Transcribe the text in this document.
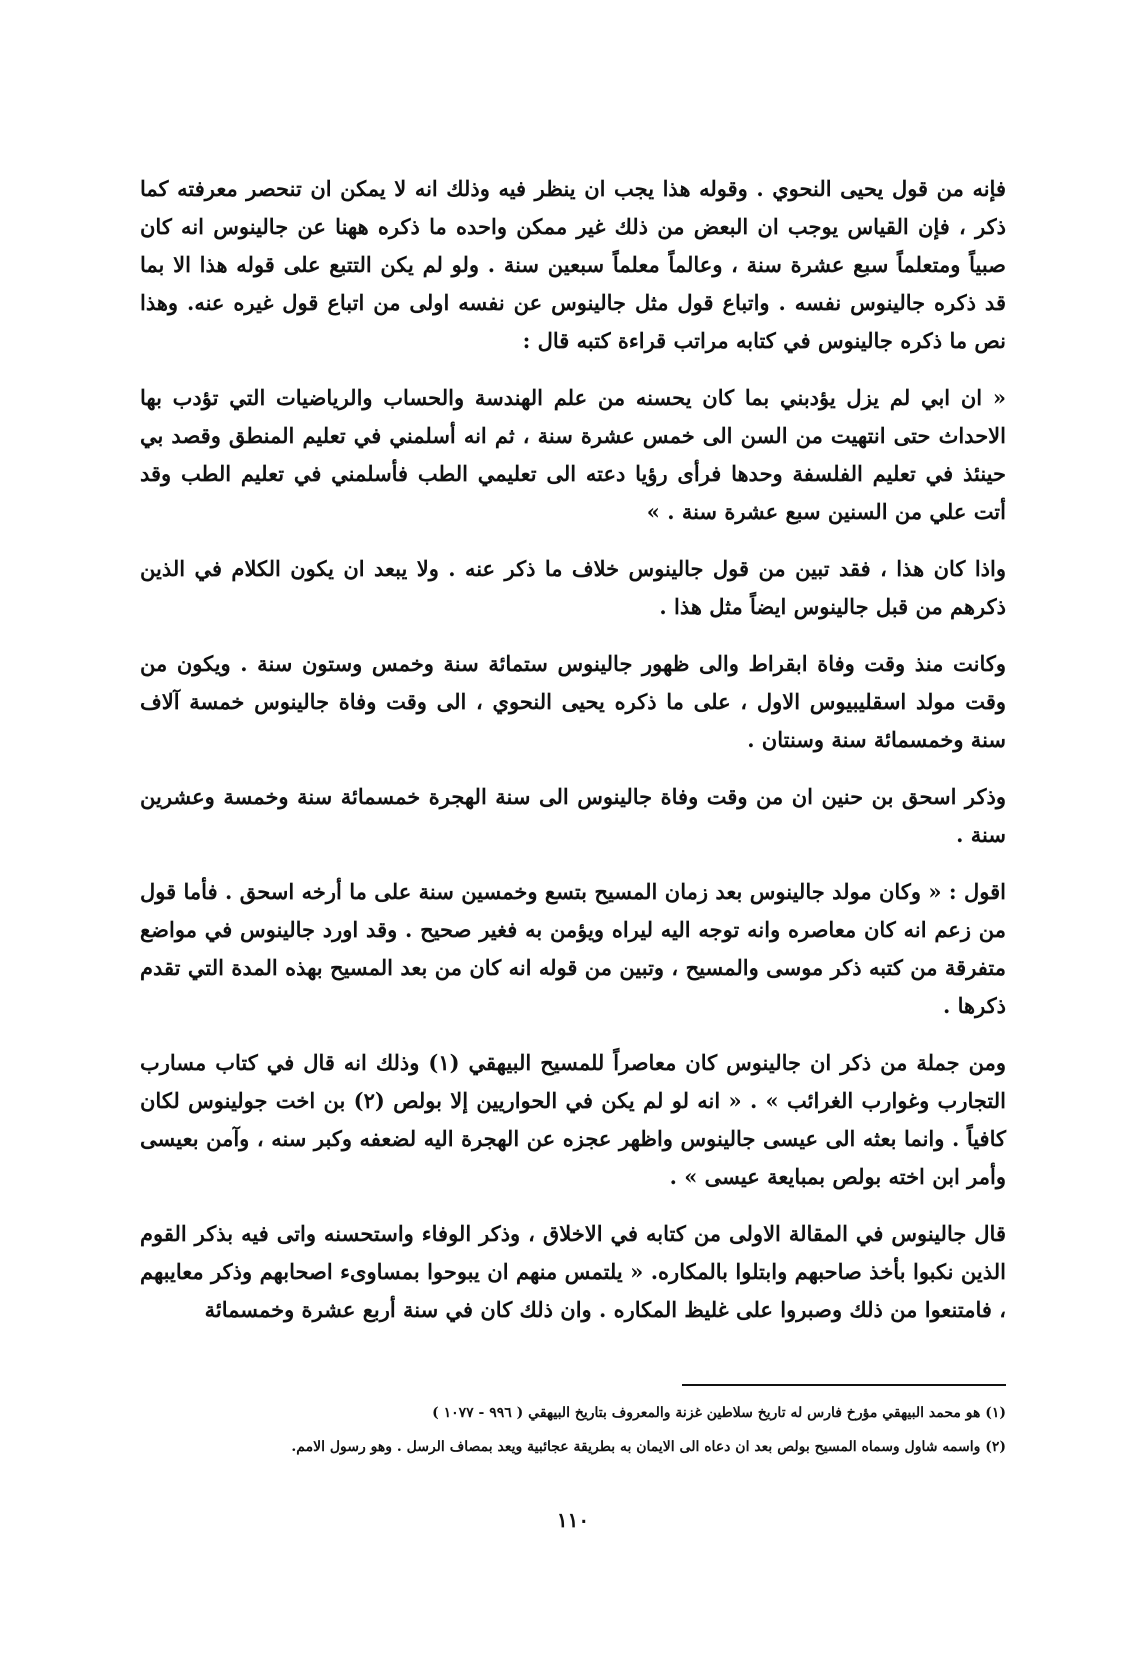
فإنه من قول يحيى النحوي . وقوله هذا يجب ان ينظر فيه وذلك انه لا يمكن ان تنحصر معرفته كما ذكر ، فإن القياس يوجب ان البعض من ذلك غير ممكن واحده ما ذكره ههنا عن جالينوس انه كان صبياً ومتعلماً سبع عشرة سنة ، وعالماً معلماً سبعين سنة . ولو لم يكن التتبع على قوله هذا الا بما قد ذكره جالينوس نفسه . واتباع قول مثل جالينوس عن نفسه اولى من اتباع قول غيره عنه. وهذا نص ما ذكره جالينوس في كتابه مراتب قراءة كتبه قال :

« ان ابي لم يزل يؤدبني بما كان يحسنه من علم الهندسة والحساب والرياضيات التي تؤدب بها الاحداث حتى انتهيت من السن الى خمس عشرة سنة ، ثم انه أسلمني في تعليم المنطق وقصد بي حينئذ في تعليم الفلسفة وحدها فرأى رؤيا دعته الى تعليمي الطب فأسلمني في تعليم الطب وقد أتت علي من السنين سبع عشرة سنة . »

واذا كان هذا ، فقد تبين من قول جالينوس خلاف ما ذكر عنه . ولا يبعد ان يكون الكلام في الذين ذكرهم من قبل جالينوس ايضاً مثل هذا .

وكانت منذ وقت وفاة ابقراط والى ظهور جالينوس ستمائة سنة وخمس وستون سنة . ويكون من وقت مولد اسقليبيوس الاول ، على ما ذكره يحيى النحوي ، الى وقت وفاة جالينوس خمسة آلاف سنة وخمسمائة سنة وسنتان .

وذكر اسحق بن حنين ان من وقت وفاة جالينوس الى سنة الهجرة خمسمائة سنة وخمسة وعشرين سنة .

اقول : « وكان مولد جالينوس بعد زمان المسيح بتسع وخمسين سنة على ما أرخه اسحق . فأما قول من زعم انه كان معاصره وانه توجه اليه ليراه ويؤمن به فغير صحيح . وقد اورد جالينوس في مواضع متفرقة من كتبه ذكر موسى والمسيح ، وتبين من قوله انه كان من بعد المسيح بهذه المدة التي تقدم ذكرها .

ومن جملة من ذكر ان جالينوس كان معاصراً للمسيح البيهقي (١) وذلك انه قال في كتاب مسارب التجارب وغوارب الغرائب » . « انه لو لم يكن في الحواريين إلا بولص (٢) بن اخت جولينوس لكان كافياً . وانما بعثه الى عيسى جالينوس واظهر عجزه عن الهجرة اليه لضعفه وكبر سنه ، وآمن بعيسى وأمر ابن اخته بولص بمبايعة عيسى » .

قال جالينوس في المقالة الاولى من كتابه في الاخلاق ، وذكر الوفاء واستحسنه واتى فيه بذكر القوم الذين نكبوا بأخذ صاحبهم وابتلوا بالمكاره. « يلتمس منهم ان يبوحوا بمساوىء اصحابهم وذكر معايبهم ، فامتنعوا من ذلك وصبروا على غليظ المكاره . وان ذلك كان في سنة أربع عشرة وخمسمائة

(١) هو محمد البيهقي مؤرخ فارس له تاريخ سلاطين غزنة والمعروف بتاريخ البيهقي ( ٩٩٦ - ١٠٧٧ )

(٢) واسمه شاول وسماه المسيح بولص بعد ان دعاه الى الايمان به بطريقة عجائبية ويعد بمصاف الرسل . وهو رسول الامم.

١١٠
